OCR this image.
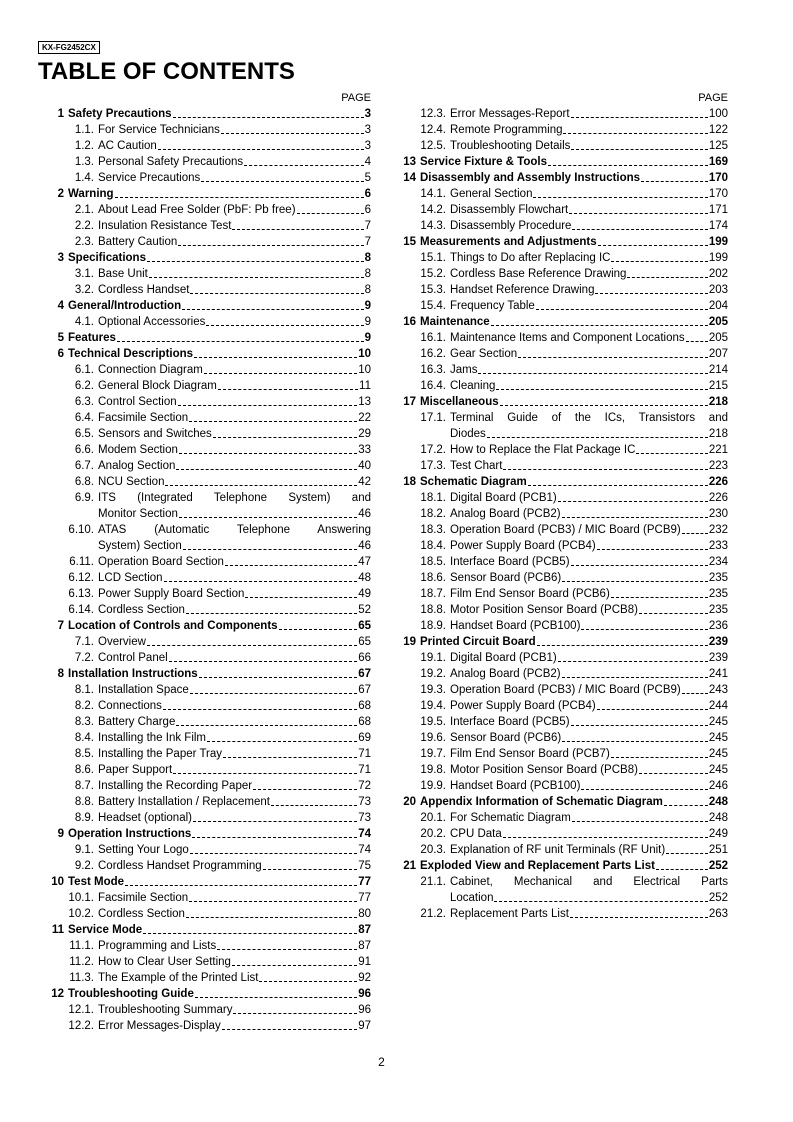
KX-FG2452CX
TABLE OF CONTENTS
PAGE
1 Safety Precautions	3
1.1. For Service Technicians	3
1.2. AC Caution	3
1.3. Personal Safety Precautions	4
1.4. Service Precautions	5
2 Warning	6
2.1. About Lead Free Solder (PbF: Pb free)	6
2.2. Insulation Resistance Test	7
2.3. Battery Caution	7
3 Specifications	8
3.1. Base Unit	8
3.2. Cordless Handset	8
4 General/Introduction	9
4.1. Optional Accessories	9
5 Features	9
6 Technical Descriptions	10
6.1. Connection Diagram	10
6.2. General Block Diagram	11
6.3. Control Section	13
6.4. Facsimile Section	22
6.5. Sensors and Switches	29
6.6. Modem Section	33
6.7. Analog Section	40
6.8. NCU Section	42
6.9. ITS (Integrated Telephone System) and
Monitor Section	46
6.10. ATAS (Automatic Telephone Answering
System) Section	46
6.11. Operation Board Section	47
6.12. LCD Section	48
6.13. Power Supply Board Section	49
6.14. Cordless Section	52
7 Location of Controls and Components	65
7.1. Overview	65
7.2. Control Panel	66
8 Installation Instructions	67
8.1. Installation Space	67
8.2. Connections	68
8.3. Battery Charge	68
8.4. Installing the Ink Film	69
8.5. Installing the Paper Tray	71
8.6. Paper Support	71
8.7. Installing the Recording Paper	72
8.8. Battery Installation / Replacement	73
8.9. Headset (optional)	73
9 Operation Instructions	74
9.1. Setting Your Logo	74
9.2. Cordless Handset Programming	75
10 Test Mode	77
10.1. Facsimile Section	77
10.2. Cordless Section	80
11 Service Mode	87
11.1. Programming and Lists	87
11.2. How to Clear User Setting	91
11.3. The Example of the Printed List	92
12 Troubleshooting Guide	96
12.1. Troubleshooting Summary	96
12.2. Error Messages-Display	97
PAGE
12.3. Error Messages-Report	100
12.4. Remote Programming	122
12.5. Troubleshooting Details	125
13 Service Fixture & Tools	169
14 Disassembly and Assembly Instructions	170
14.1. General Section	170
14.2. Disassembly Flowchart	171
14.3. Disassembly Procedure	174
15 Measurements and Adjustments	199
15.1. Things to Do after Replacing IC	199
15.2. Cordless Base Reference Drawing	202
15.3. Handset Reference Drawing	203
15.4. Frequency Table	204
16 Maintenance	205
16.1. Maintenance Items and Component Locations 205
16.2. Gear Section	207
16.3. Jams	214
16.4. Cleaning	215
17 Miscellaneous	218
17.1. Terminal Guide of the ICs, Transistors and
Diodes	218
17.2. How to Replace the Flat Package IC	221
17.3. Test Chart	223
18 Schematic Diagram	226
18.1. Digital Board (PCB1)	226
18.2. Analog Board (PCB2)	230
18.3. Operation Board (PCB3) / MIC Board (PCB9) 232
18.4. Power Supply Board (PCB4)	233
18.5. Interface Board (PCB5)	234
18.6. Sensor Board (PCB6)	235
18.7. Film End Sensor Board (PCB6)	235
18.8. Motor Position Sensor Board (PCB8)	235
18.9. Handset Board (PCB100)	236
19 Printed Circuit Board	239
19.1. Digital Board (PCB1)	239
19.2. Analog Board (PCB2)	241
19.3. Operation Board (PCB3) / MIC Board (PCB9) 243
19.4. Power Supply Board (PCB4)	244
19.5. Interface Board (PCB5)	245
19.6. Sensor Board (PCB6)	245
19.7. Film End Sensor Board (PCB7)	245
19.8. Motor Position Sensor Board (PCB8)	245
19.9. Handset Board (PCB100)	246
20 Appendix Information of Schematic Diagram	248
20.1. For Schematic Diagram	248
20.2. CPU Data	249
20.3. Explanation of RF unit Terminals (RF Unit)	251
21 Exploded View and Replacement Parts List	252
21.1. Cabinet, Mechanical and Electrical Parts
Location	252
21.2. Replacement Parts List	263
2
